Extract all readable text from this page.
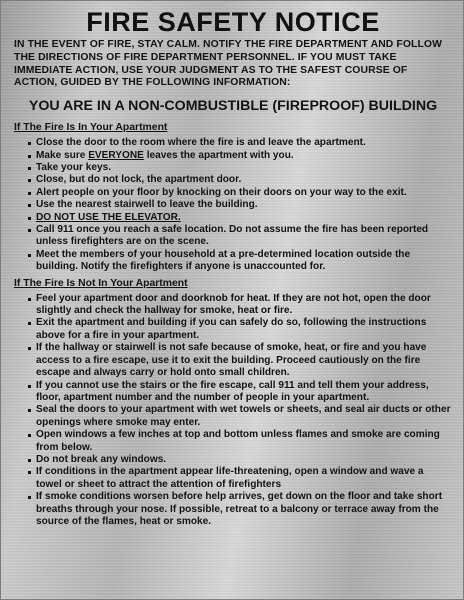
FIRE SAFETY NOTICE

IN THE EVENT OF FIRE, STAY CALM. NOTIFY THE FIRE DEPARTMENT AND FOLLOW THE DIRECTIONS OF FIRE DEPARTMENT PERSONNEL. IF YOU MUST TAKE IMMEDIATE ACTION, USE YOUR JUDGMENT AS TO THE SAFEST COURSE OF ACTION, GUIDED BY THE FOLLOWING INFORMATION:

YOU ARE IN A NON-COMBUSTIBLE (FIREPROOF) BUILDING

If The Fire Is In Your Apartment

Close the door to the room where the fire is and leave the apartment.
Make sure EVERYONE leaves the apartment with you.
Take your keys.
Close, but do not lock, the apartment door.
Alert people on your floor by knocking on their doors on your way to the exit.
Use the nearest stairwell to leave the building.
DO NOT USE THE ELEVATOR.
Call 911 once you reach a safe location. Do not assume the fire has been reported unless firefighters are on the scene.
Meet the members of your household at a pre-determined location outside the building. Notify the firefighters if anyone is unaccounted for.

If The Fire Is Not In Your Apartment

Feel your apartment door and doorknob for heat. If they are not hot, open the door slightly and check the hallway for smoke, heat or fire.
Exit the apartment and building if you can safely do so, following the instructions above for a fire in your apartment.
If the hallway or stairwell is not safe because of smoke, heat, or fire and you have access to a fire escape, use it to exit the building. Proceed cautiously on the fire escape and always carry or hold onto small children.
If you cannot use the stairs or the fire escape, call 911 and tell them your address, floor, apartment number and the number of people in your apartment.
Seal the doors to your apartment with wet towels or sheets, and seal air ducts or other openings where smoke may enter.
Open windows a few inches at top and bottom unless flames and smoke are coming from below.
Do not break any windows.
If conditions in the apartment appear life-threatening, open a window and wave a towel or sheet to attract the attention of firefighters
If smoke conditions worsen before help arrives, get down on the floor and take short breaths through your nose. If possible, retreat to a balcony or terrace away from the source of the flames, heat or smoke.
